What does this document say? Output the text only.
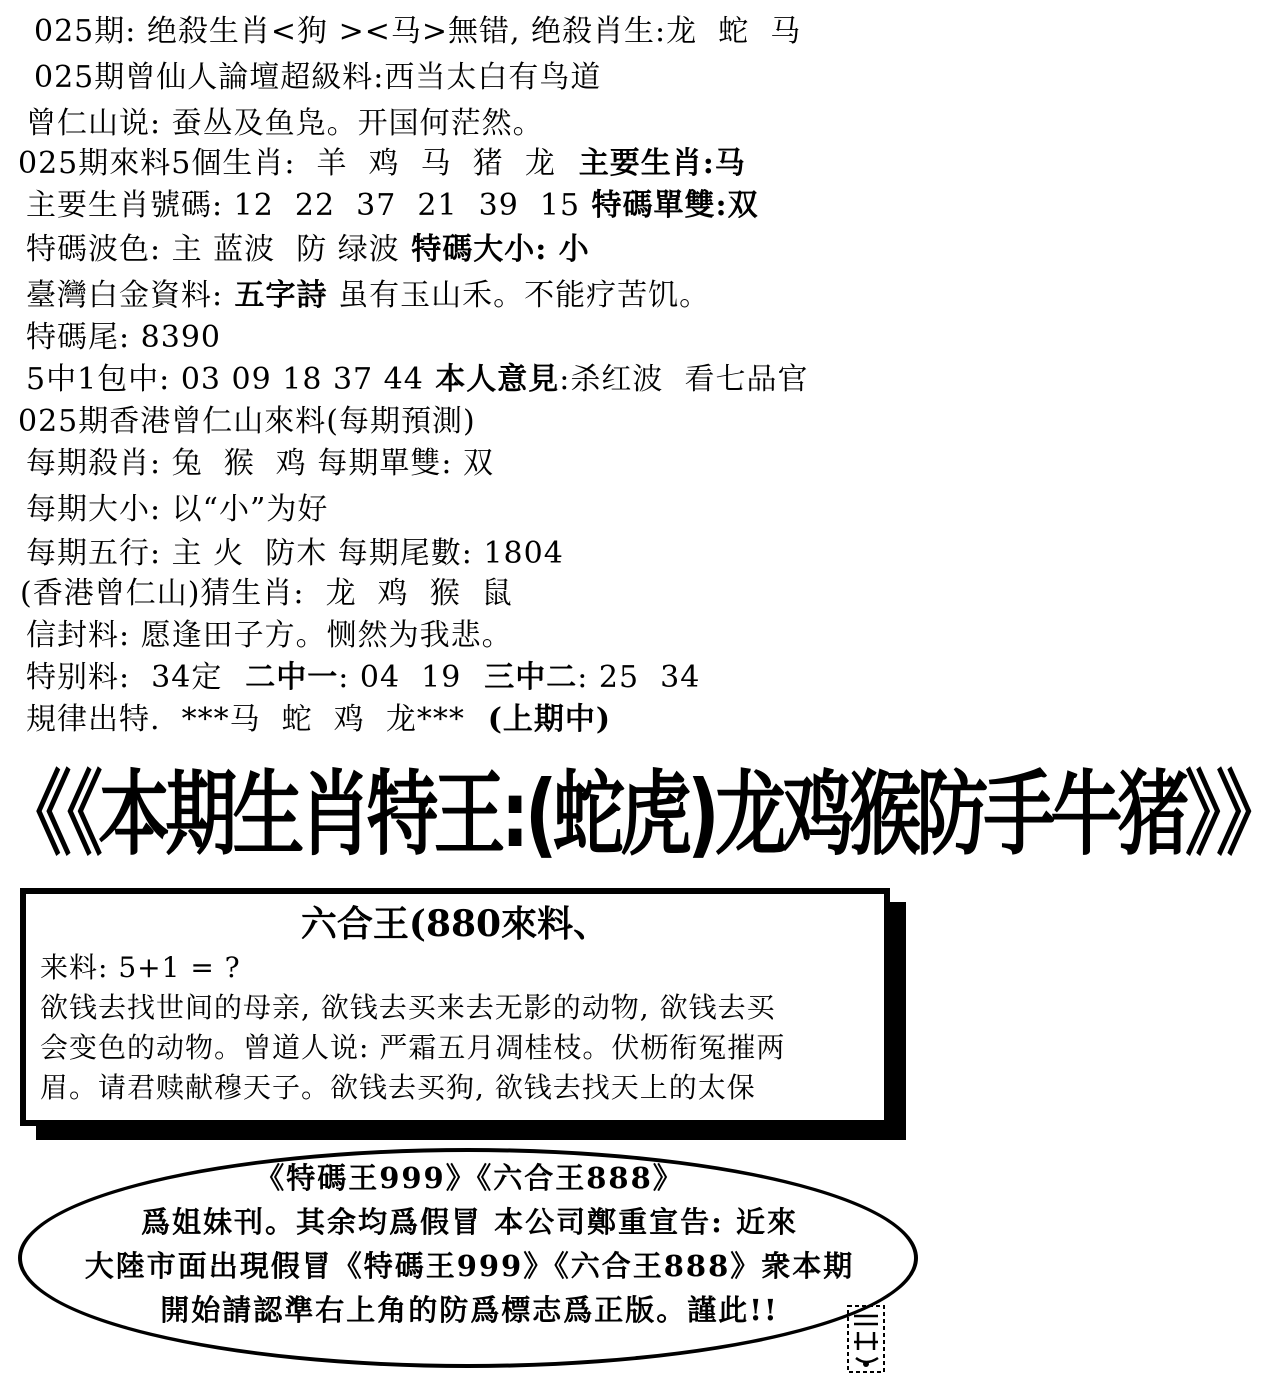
025期: 绝殺生肖<狗 ><马>無错, 绝殺肖生:龙  蛇  马
025期曾仙人論壇超級料:西当太白有鸟道
曾仁山说: 蚕丛及鱼凫。开国何茫然。
025期來料5個生肖:  羊  鸡  马  猪  龙  主要生肖:马
主要生肖號碼: 12  22  37  21  39  15 特碼單雙:双
特碼波色: 主 蓝波  防 绿波 特碼大小: 小
臺灣白金資料: 五字詩 虽有玉山禾。不能疗苦饥。
特碼尾: 8390
5中1包中: 03 09 18 37 44 本人意見:杀红波  看七品官
025期香港曾仁山來料(每期預測)
每期殺肖: 兔  猴  鸡 每期單雙: 双
每期大小: 以“小”为好
每期五行: 主 火  防木 每期尾數: 1804
(香港曾仁山)猜生肖:  龙  鸡  猴  鼠
信封料: 愿逢田子方。恻然为我悲。
特别料:  34定  二中一: 04  19  三中二: 25  34
規律出特.  ***马  蛇  鸡  龙***  (上期中)
《《本期生肖特王:(蛇虎)龙鸡猴防手牛猪》》
六合王(880來料、
来料: 5+1 = ?
欲钱去找世间的母亲, 欲钱去买来去无影的动物, 欲钱去买
会变色的动物。曾道人说: 严霜五月凋桂枝。伏枥衔冤摧两
眉。请君赎献穆天子。欲钱去买狗, 欲钱去找天上的太保
《特碼王999》《六合王888》
爲姐妹刊。其余均爲假冒 本公司鄭重宣告: 近來
大陸市面出現假冒《特碼王999》《六合王888》衆本期
開始請認準右上角的防爲標志爲正版。謹此!!
